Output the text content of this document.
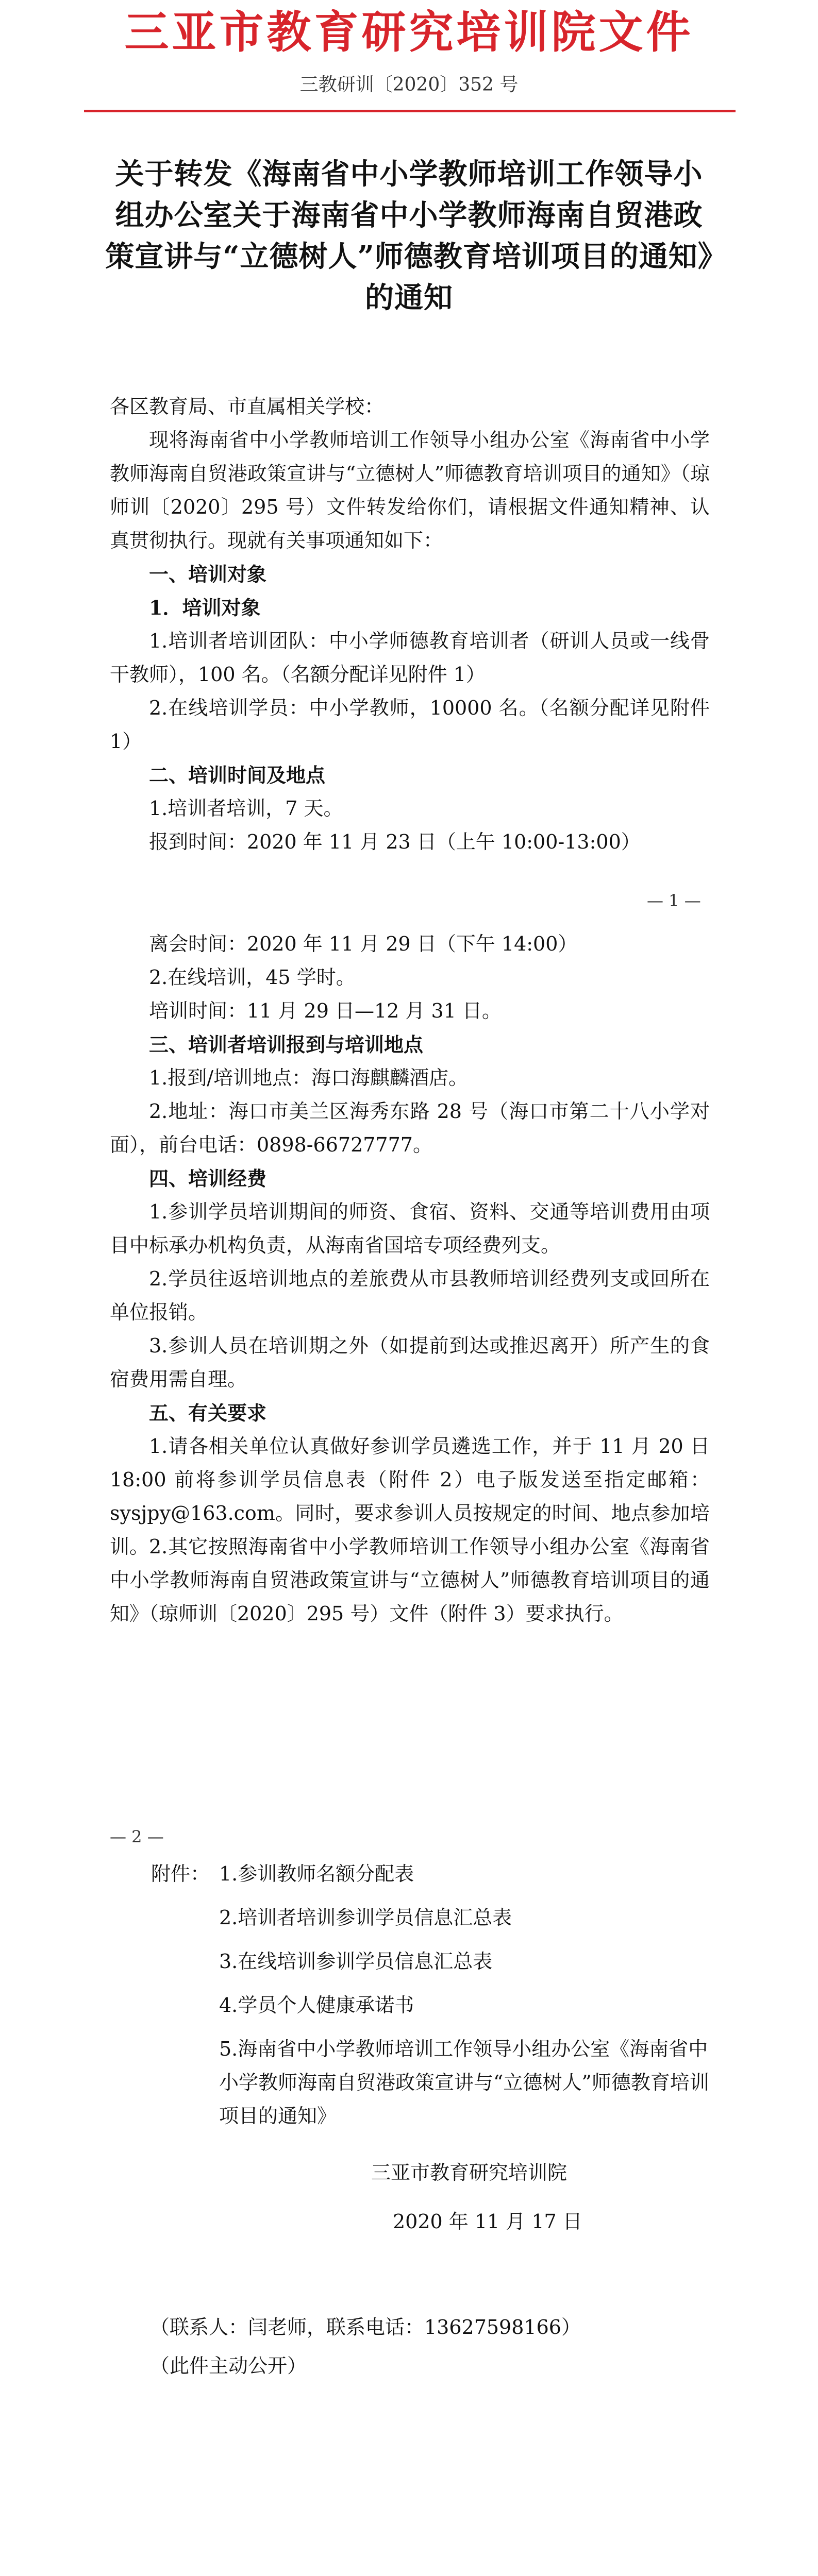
三亚市教育研究培训院文件
三教研训〔2020〕352 号
关于转发《海南省中小学教师培训工作领导小组办公室关于海南省中小学教师海南自贸港政策宣讲与“立德树人”师德教育培训项目的通知》的通知

各区教育局、市直属相关学校：

现将海南省中小学教师培训工作领导小组办公室《海南省中小学教师海南自贸港政策宣讲与“立德树人”师德教育培训项目的通知》（琼师训〔2020〕295 号）文件转发给你们，请根据文件通知精神、认真贯彻执行。现就有关事项通知如下：

一、培训对象
1．培训对象

1.培训者培训团队：中小学师德教育培训者（研训人员或一线骨干教师），100 名。（名额分配详见附件 1）

2.在线培训学员：中小学教师，10000 名。（名额分配详见附件 1）

二、培训时间及地点

1.培训者培训，7 天。

报到时间：2020 年 11 月 23 日（上午 10:00-13:00）

— 1 —

离会时间：2020 年 11 月 29 日（下午 14:00）

2.在线培训，45 学时。

培训时间：11 月 29 日—12 月 31 日。

三、培训者培训报到与培训地点

1.报到/培训地点：海口海麒麟酒店。

2.地址：海口市美兰区海秀东路 28 号（海口市第二十八小学对面），前台电话：0898-66727777。

四、培训经费

1.参训学员培训期间的师资、食宿、资料、交通等培训费用由项目中标承办机构负责，从海南省国培专项经费列支。

2.学员往返培训地点的差旅费从市县教师培训经费列支或回所在单位报销。

3.参训人员在培训期之外（如提前到达或推迟离开）所产生的食宿费用需自理。

五、有关要求

1.请各相关单位认真做好参训学员遴选工作，并于 11 月 20 日 18:00 前将参训学员信息表（附件 2）电子版发送至指定邮箱：sysjpy@163.com。同时，要求参训人员按规定的时间、地点参加培训。 2.其它按照海南省中小学教师培训工作领导小组办公室《海南省中小学教师海南自贸港政策宣讲与“立德树人”师德教育培训项目的通知》（琼师训〔2020〕295 号）文件（附件 3）要求执行。

— 2 —
附件： 1.参训教师名额分配表
2.培训者培训参训学员信息汇总表
3.在线培训参训学员信息汇总表
4.学员个人健康承诺书
5.海南省中小学教师培训工作领导小组办公室《海南省中小学教师海南自贸港政策宣讲与“立德树人”师德教育培训项目的通知》
三亚市教育研究培训院
2020 年 11 月 17 日
（联系人：闫老师，联系电话：13627598166）
（此件主动公开）
